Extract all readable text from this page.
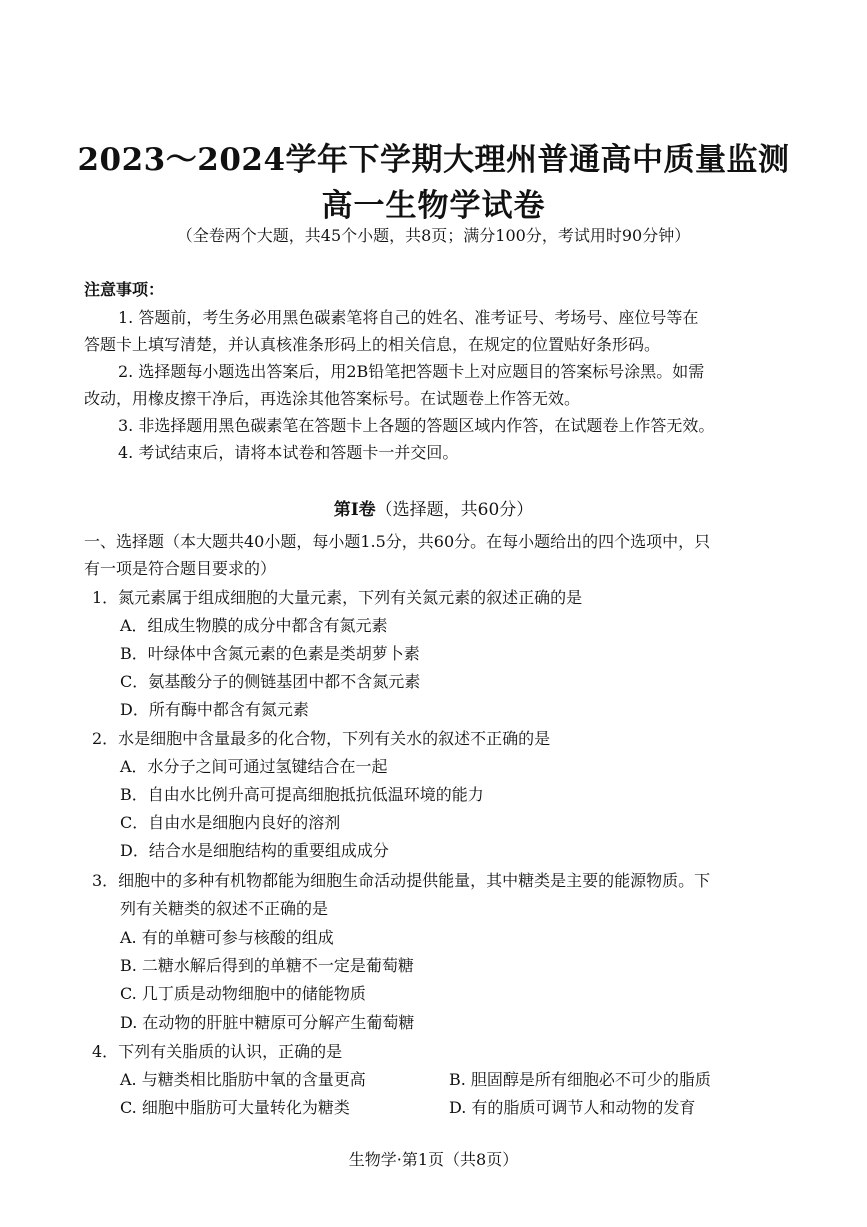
2023～2024学年下学期大理州普通高中质量监测
高一生物学试卷
（全卷两个大题，共45个小题，共8页；满分100分，考试用时90分钟）
注意事项：
1. 答题前，考生务必用黑色碳素笔将自己的姓名、准考证号、考场号、座位号等在
答题卡上填写清楚，并认真核准条形码上的相关信息，在规定的位置贴好条形码。
2. 选择题每小题选出答案后，用2B铅笔把答题卡上对应题目的答案标号涂黑。如需
改动，用橡皮擦干净后，再选涂其他答案标号。在试题卷上作答无效。
3. 非选择题用黑色碳素笔在答题卡上各题的答题区域内作答，在试题卷上作答无效。
4. 考试结束后，请将本试卷和答题卡一并交回。
第Ⅰ卷（选择题，共60分）
一、选择题（本大题共40小题，每小题1.5分，共60分。在每小题给出的四个选项中，只
有一项是符合题目要求的）
1．氮元素属于组成细胞的大量元素，下列有关氮元素的叙述正确的是
A．组成生物膜的成分中都含有氮元素
B．叶绿体中含氮元素的色素是类胡萝卜素
C．氨基酸分子的侧链基团中都不含氮元素
D．所有酶中都含有氮元素
2．水是细胞中含量最多的化合物，下列有关水的叙述不正确的是
A．水分子之间可通过氢键结合在一起
B．自由水比例升高可提高细胞抵抗低温环境的能力
C．自由水是细胞内良好的溶剂
D．结合水是细胞结构的重要组成成分
3．细胞中的多种有机物都能为细胞生命活动提供能量，其中糖类是主要的能源物质。下
列有关糖类的叙述不正确的是
A. 有的单糖可参与核酸的组成
B. 二糖水解后得到的单糖不一定是葡萄糖
C. 几丁质是动物细胞中的储能物质
D. 在动物的肝脏中糖原可分解产生葡萄糖
4．下列有关脂质的认识，正确的是
A. 与糖类相比脂肪中氧的含量更高	B. 胆固醇是所有细胞必不可少的脂质
C. 细胞中脂肪可大量转化为糖类	D. 有的脂质可调节人和动物的发育
生物学·第1页（共8页）
